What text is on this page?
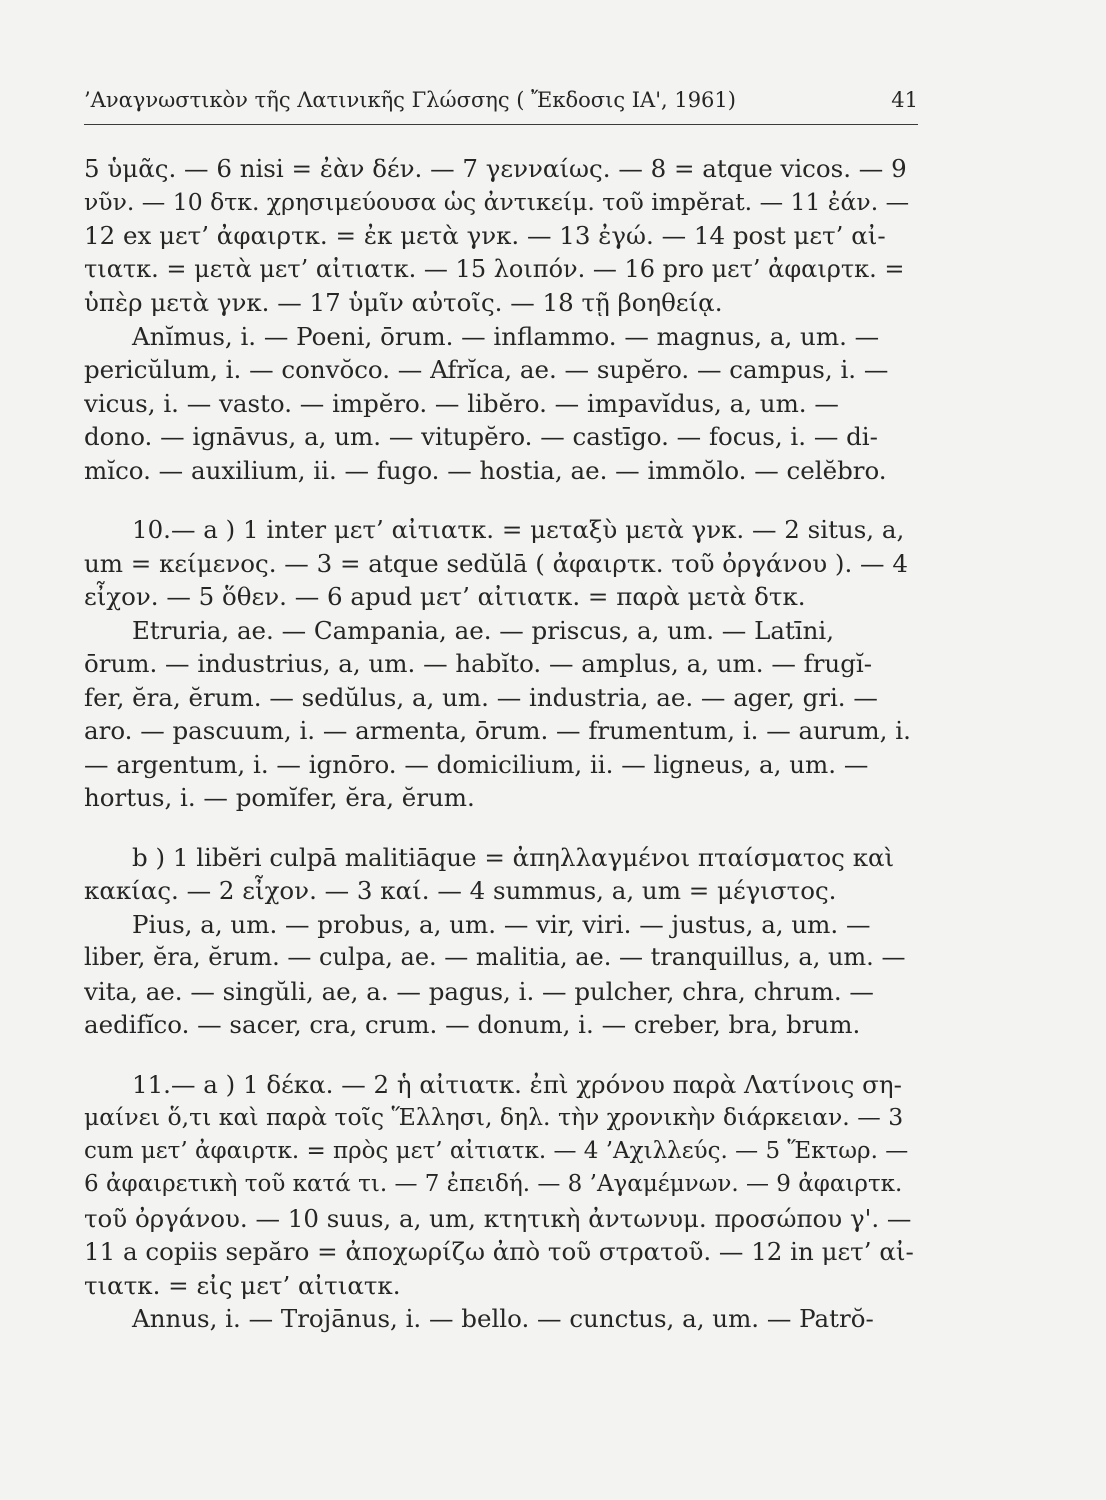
’Αναγνωστικὸν τῆς Λατινικῆς Γλώσσης ( Ἔκδοσις ΙΑ', 1961)	41
5 ὑμᾶς. — 6 nisi = ἐὰν δέν. — 7 γενναίως. — 8 = atque vicos. — 9
νῦν. — 10 δτκ. χρησιμεύουσα ὡς ἀντικείμ. τοῦ impĕrat. — 11 ἐάν. —
12 ex μετ’ ἀφαιρτκ. = ἐκ μετὰ γνκ. — 13 ἐγώ. — 14 post μετ’ αἰ-
τιατκ. = μετὰ μετ’ αἰτιατκ. — 15 λοιπόν. — 16 pro μετ’ ἀφαιρτκ. =
ὑπὲρ μετὰ γνκ. — 17 ὑμῖν αὐτοῖς. — 18 τῇ βοηθείᾳ.
Anĭmus, i. — Poeni, ōrum. — inflammo. — magnus, a, um. —
pericŭlum, i. — convŏco. — Afrĭca, ae. — supĕro. — campus, i. —
vicus, i. — vasto. — impĕro. — libĕro. — impavĭdus, a, um. —
dono. — ignāvus, a, um. — vitupĕro. — castīgo. — focus, i. — di-
mĭco. — auxilium, ii. — fugo. — hostia, ae. — immŏlo. — celĕbro.
10.— a ) 1 inter μετ’ αἰτιατκ. = μεταξὺ μετὰ γνκ. — 2 situs, a,
um = κείμενος. — 3 = atque sedŭlā ( ἀφαιρτκ. τοῦ ὀργάνου ). — 4
εἶχον. — 5 ὅθεν. — 6 apud μετ’ αἰτιατκ. = παρὰ μετὰ δτκ.
Etruria, ae. — Campania, ae. — priscus, a, um. — Latīni,
ōrum. — industrius, a, um. — habĭto. — amplus, a, um. — frugĭ-
fer, ĕra, ĕrum. — sedŭlus, a, um. — industria, ae. — ager, gri. —
aro. — pascuum, i. — armenta, ōrum. — frumentum, i. — aurum, i.
— argentum, i. — ignōro. — domicilium, ii. — ligneus, a, um. —
hortus, i. — pomĭfer, ĕra, ĕrum.
b ) 1 libĕri culpā malitiāque = ἀπηλλαγμένοι πταίσματος καὶ
κακίας. — 2 εἶχον. — 3 καί. — 4 summus, a, um = μέγιστος.
Pius, a, um. — probus, a, um. — vir, viri. — justus, a, um. —
liber, ĕra, ĕrum. — culpa, ae. — malitia, ae. — tranquillus, a, um. —
vita, ae. — singŭli, ae, a. — pagus, i. — pulcher, chra, chrum. —
aedifĭco. — sacer, cra, crum. — donum, i. — creber, bra, brum.
11.— a ) 1 δέκα. — 2 ἡ αἰτιατκ. ἐπὶ χρόνου παρὰ Λατίνοις ση-
μαίνει ὅ,τι καὶ παρὰ τοῖς Ἕλλησι, δηλ. τὴν χρονικὴν διάρκειαν. — 3
cum μετ’ ἀφαιρτκ. = πρὸς μετ’ αἰτιατκ. — 4 ’Αχιλλεύς. — 5 Ἕκτωρ. —
6 ἀφαιρετικὴ τοῦ κατά τι. — 7 ἐπειδή. — 8 ’Αγαμέμνων. — 9 ἀφαιρτκ.
τοῦ ὀργάνου. — 10 suus, a, um, κτητικὴ ἀντωνυμ. προσώπου γ'. —
11 a copiis sepăro = ἀποχωρίζω ἀπὸ τοῦ στρατοῦ. — 12 in μετ’ αἰ-
τιατκ. = εἰς μετ’ αἰτιατκ.
Annus, i. — Trojānus, i. — bello. — cunctus, a, um. — Patrŏ-
